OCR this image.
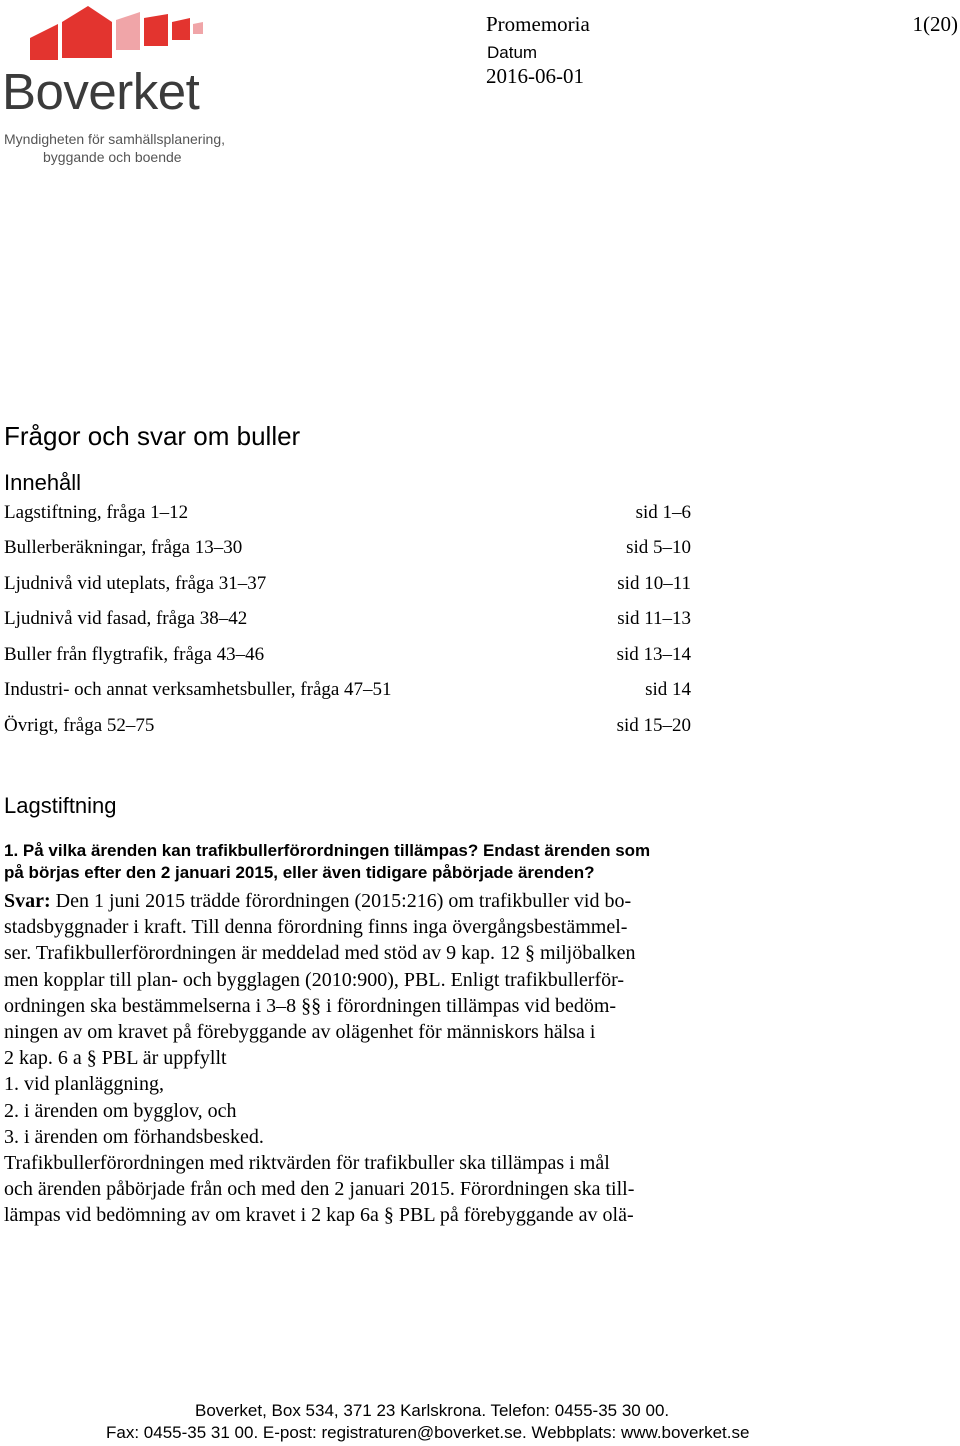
Boverket
Myndigheten för samhällsplanering,
byggande och boende
Promemoria	1(20)
Datum
2016-06-01
Frågor och svar om buller
Innehåll
Lagstiftning, fråga 1–12	sid 1–6
Bullerberäkningar, fråga 13–30	sid 5–10
Ljudnivå vid uteplats, fråga 31–37	sid 10–11
Ljudnivå vid fasad, fråga 38–42	sid 11–13
Buller från flygtrafik, fråga 43–46	sid 13–14
Industri- och annat verksamhetsbuller, fråga 47–51	sid 14
Övrigt, fråga 52–75	sid 15–20
Lagstiftning
1. På vilka ärenden kan trafikbullerförordningen tillämpas? Endast ärenden som
på börjas efter den 2 januari 2015, eller även tidigare påbörjade ärenden?
Svar: Den 1 juni 2015 trädde förordningen (2015:216) om trafikbuller vid bo-
stadsbyggnader i kraft. Till denna förordning finns inga övergångsbestämmel-
ser. Trafikbullerförordningen är meddelad med stöd av 9 kap. 12 § miljöbalken
men kopplar till plan- och bygglagen (2010:900), PBL. Enligt trafikbullerför-
ordningen ska bestämmelserna i 3–8 §§ i förordningen tillämpas vid bedöm-
ningen av om kravet på förebyggande av olägenhet för människors hälsa i
2 kap. 6 a § PBL är uppfyllt
1. vid planläggning,
2. i ärenden om bygglov, och
3. i ärenden om förhandsbesked.
Trafikbullerförordningen med riktvärden för trafikbuller ska tillämpas i mål
och ärenden påbörjade från och med den 2 januari 2015. Förordningen ska till-
lämpas vid bedömning av om kravet i 2 kap 6a § PBL på förebyggande av olä-
Boverket, Box 534, 371 23 Karlskrona. Telefon: 0455-35 30 00.
Fax: 0455-35 31 00. E-post: registraturen@boverket.se. Webbplats: www.boverket.se
